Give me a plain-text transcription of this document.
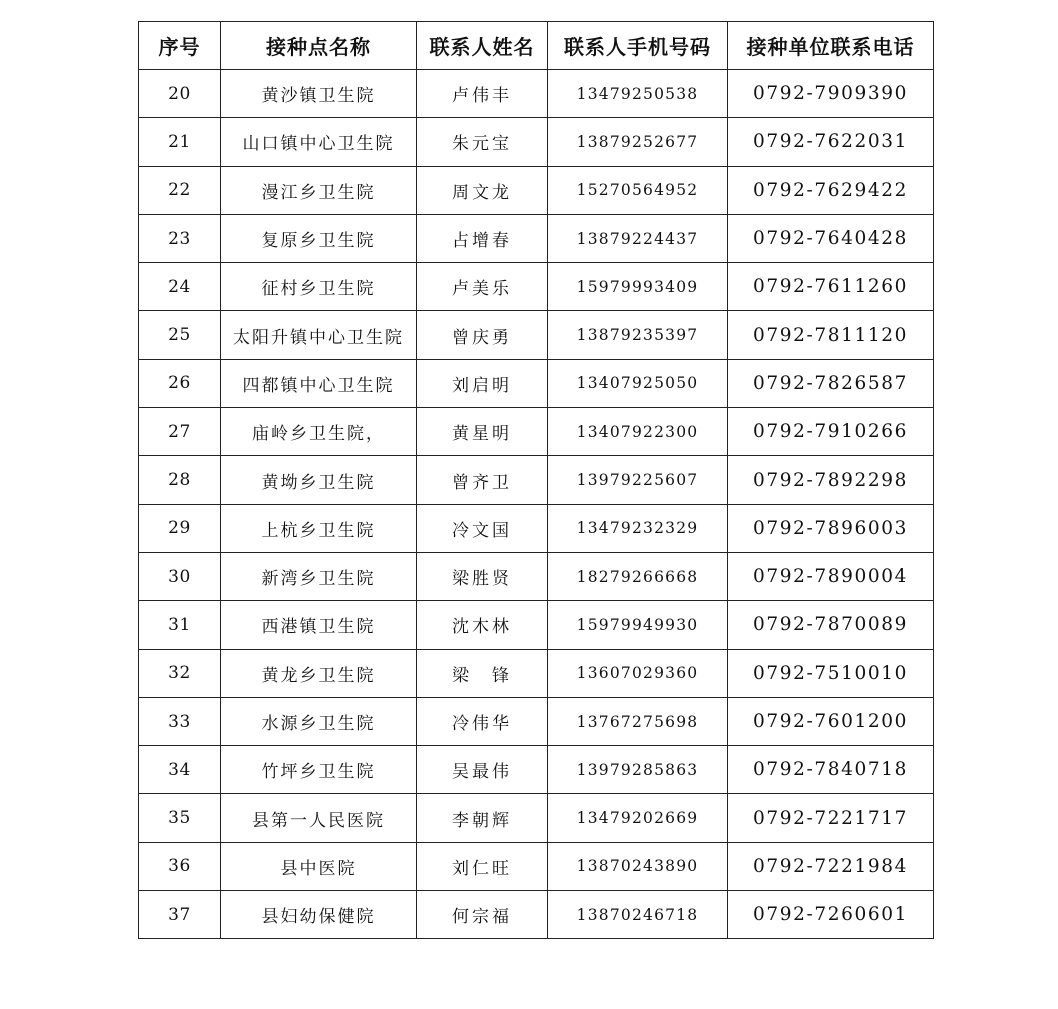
序号	接种点名称	联系人姓名	联系人手机号码	接种单位联系电话
20	黄沙镇卫生院	卢伟丰	13479250538	0792-7909390
21	山口镇中心卫生院	朱元宝	13879252677	0792-7622031
22	漫江乡卫生院	周文龙	15270564952	0792-7629422
23	复原乡卫生院	占增春	13879224437	0792-7640428
24	征村乡卫生院	卢美乐	15979993409	0792-7611260
25	太阳升镇中心卫生院	曾庆勇	13879235397	0792-7811120
26	四都镇中心卫生院	刘启明	13407925050	0792-7826587
27	庙岭乡卫生院，	黄星明	13407922300	0792-7910266
28	黄坳乡卫生院	曾齐卫	13979225607	0792-7892298
29	上杭乡卫生院	冷文国	13479232329	0792-7896003
30	新湾乡卫生院	梁胜贤	18279266668	0792-7890004
31	西港镇卫生院	沈木林	15979949930	0792-7870089
32	黄龙乡卫生院	梁　锋	13607029360	0792-7510010
33	水源乡卫生院	冷伟华	13767275698	0792-7601200
34	竹坪乡卫生院	吴最伟	13979285863	0792-7840718
35	县第一人民医院	李朝辉	13479202669	0792-7221717
36	县中医院	刘仁旺	13870243890	0792-7221984
37	县妇幼保健院	何宗福	13870246718	0792-7260601
